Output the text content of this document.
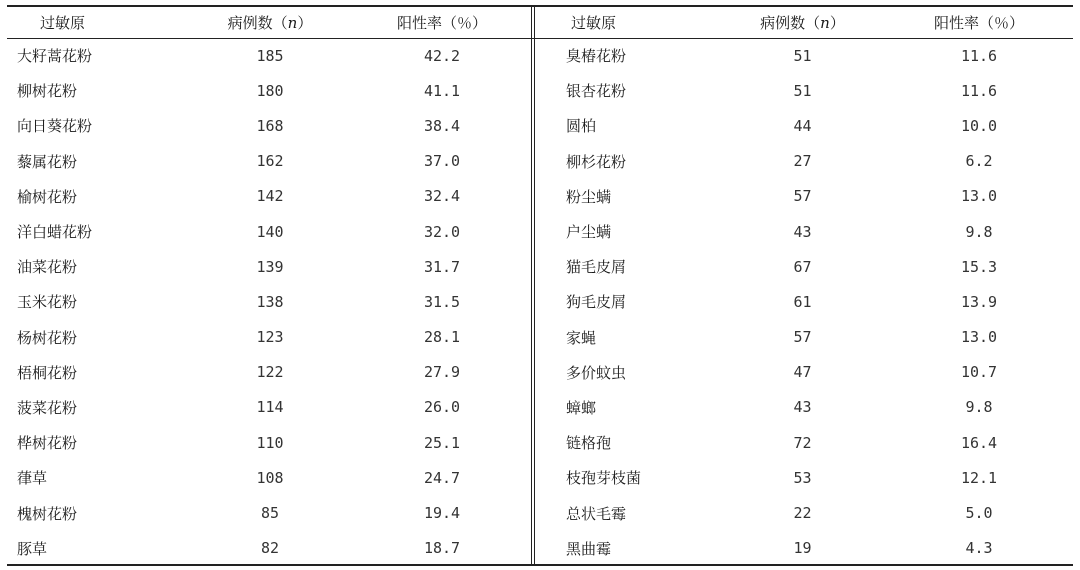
过敏原	病例数（n）	阳性率（％）
大籽蒿花粉	185	42.2
柳树花粉	180	41.1
向日葵花粉	168	38.4
藜属花粉	162	37.0
榆树花粉	142	32.4
洋白蜡花粉	140	32.0
油菜花粉	139	31.7
玉米花粉	138	31.5
杨树花粉	123	28.1
梧桐花粉	122	27.9
菠菜花粉	114	26.0
桦树花粉	110	25.1
葎草	108	24.7
槐树花粉	85	19.4
豚草	82	18.7
过敏原	病例数（n）	阳性率（％）
臭椿花粉	51	11.6
银杏花粉	51	11.6
圆柏	44	10.0
柳杉花粉	27	6.2
粉尘螨	57	13.0
户尘螨	43	9.8
猫毛皮屑	67	15.3
狗毛皮屑	61	13.9
家蝇	57	13.0
多价蚊虫	47	10.7
蟑螂	43	9.8
链格孢	72	16.4
枝孢芽枝菌	53	12.1
总状毛霉	22	5.0
黑曲霉	19	4.3
